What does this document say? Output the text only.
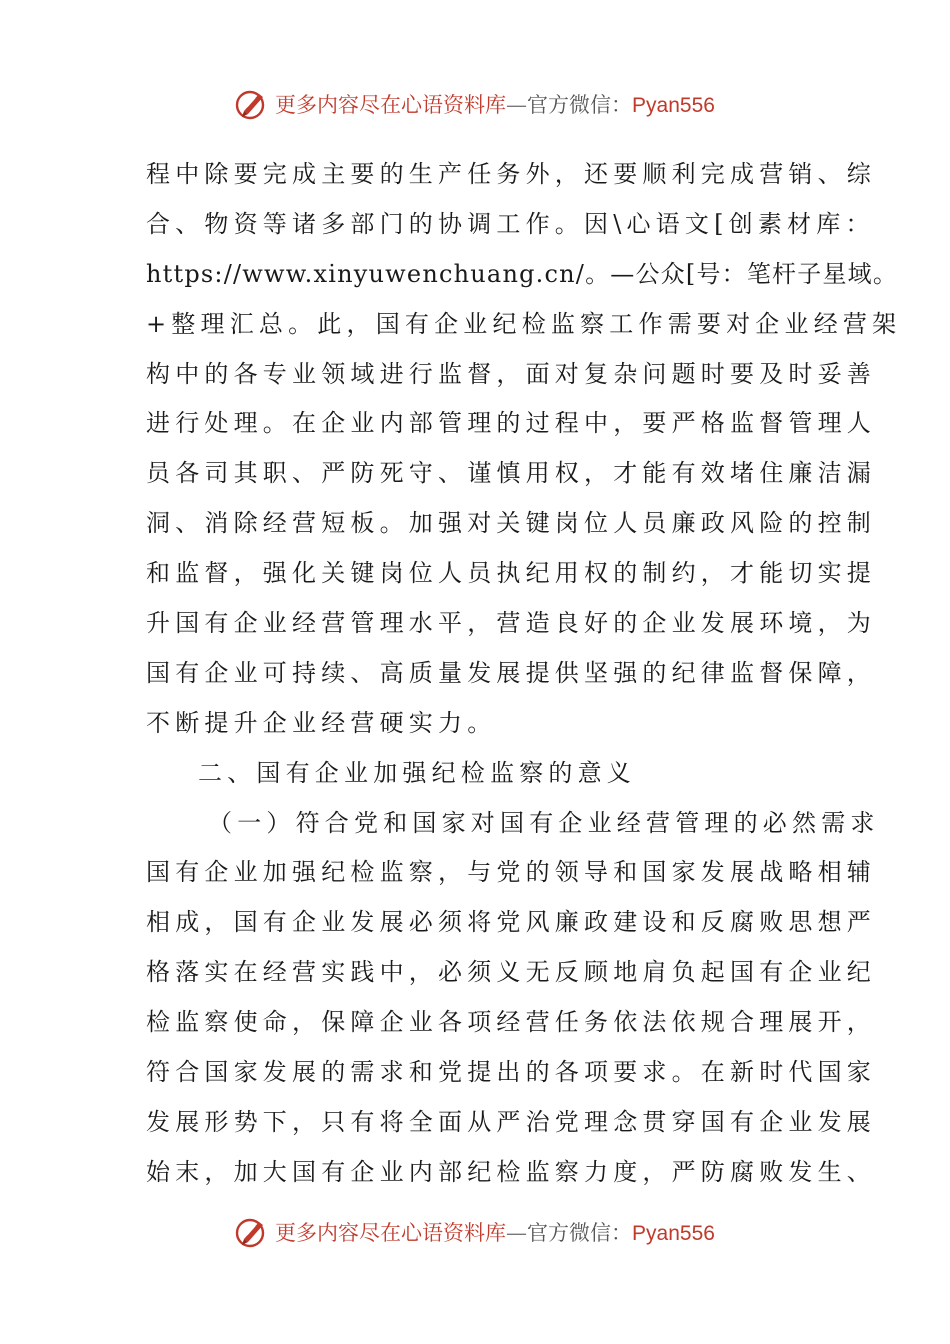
更多内容尽在心语资料库—官方微信：Pyan556
程中除要完成主要的生产任务外，还要顺利完成营销、综
合、物资等诸多部门的协调工作。因\心语文[创素材库：
https://www.xinyuwenchuang.cn/。—公众[号：笔杆子星域。
+整理汇总。此，国有企业纪检监察工作需要对企业经营架
构中的各专业领域进行监督，面对复杂问题时要及时妥善
进行处理。在企业内部管理的过程中，要严格监督管理人
员各司其职、严防死守、谨慎用权，才能有效堵住廉洁漏
洞、消除经营短板。加强对关键岗位人员廉政风险的控制
和监督，强化关键岗位人员执纪用权的制约，才能切实提
升国有企业经营管理水平，营造良好的企业发展环境，为
国有企业可持续、高质量发展提供坚强的纪律监督保障，
不断提升企业经营硬实力。
二、国有企业加强纪检监察的意义
（一）符合党和国家对国有企业经营管理的必然需求
国有企业加强纪检监察，与党的领导和国家发展战略相辅
相成，国有企业发展必须将党风廉政建设和反腐败思想严
格落实在经营实践中，必须义无反顾地肩负起国有企业纪
检监察使命，保障企业各项经营任务依法依规合理展开，
符合国家发展的需求和党提出的各项要求。在新时代国家
发展形势下，只有将全面从严治党理念贯穿国有企业发展
始末，加大国有企业内部纪检监察力度，严防腐败发生、
更多内容尽在心语资料库—官方微信：Pyan556
